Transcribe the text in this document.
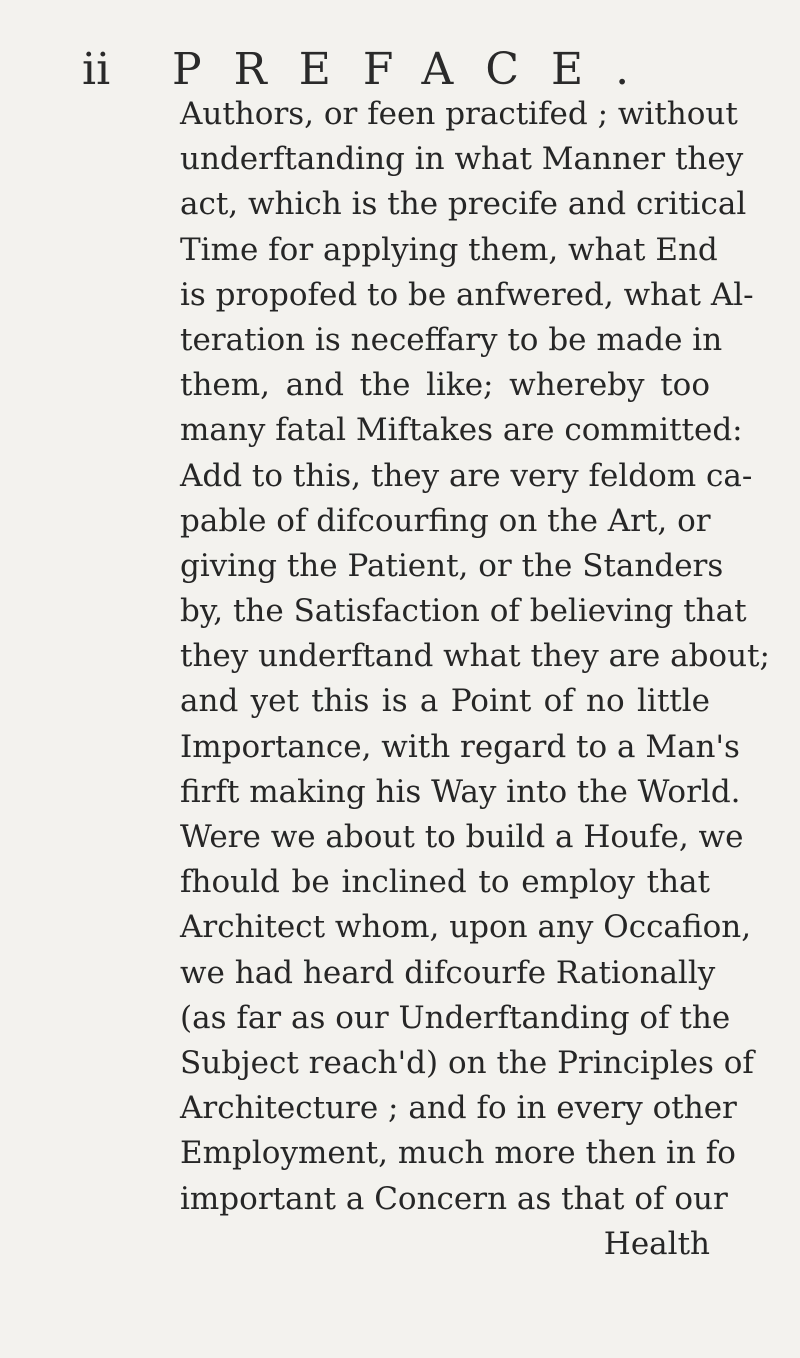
ii PREFACE.
Authors, or feen practifed ; without
underftanding in what Manner they
act, which is the precife and critical
Time for applying them, what End
is propofed to be anfwered, what Al-
teration is neceffary to be made in
them, and the like; whereby too
many fatal Miftakes are committed:
Add to this, they are very feldom ca-
pable of difcourfing on the Art, or
giving the Patient, or the Standers
by, the Satisfaction of believing that
they underftand what they are about;
and yet this is a Point of no little
Importance, with regard to a Man's
firft making his Way into the World.
Were we about to build a Houfe, we
fhould be inclined to employ that
Architect whom, upon any Occafion,
we had heard difcourfe Rationally
(as far as our Underftanding of the
Subject reach'd) on the Principles of
Architecture ; and fo in every other
Employment, much more then in fo
important a Concern as that of our
Health
